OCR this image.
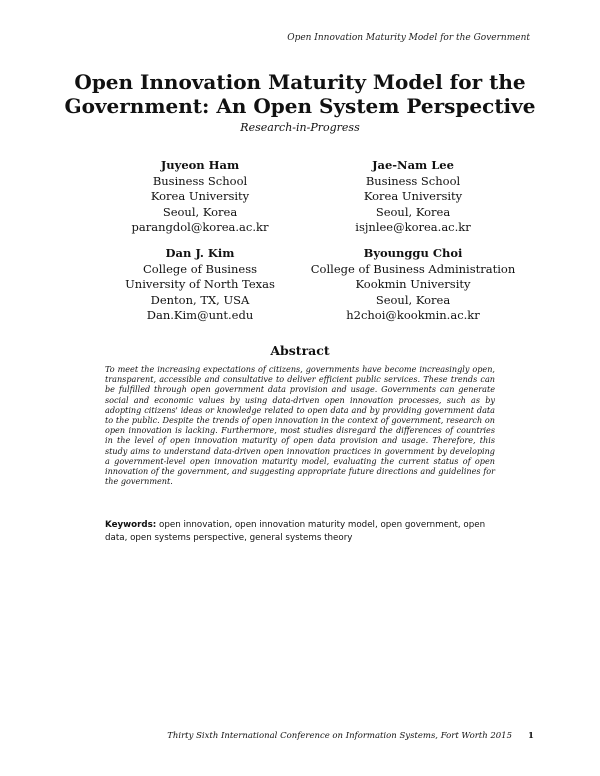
Open Innovation Maturity Model for the Government
Open Innovation Maturity Model for the Government: An Open System Perspective
Research-in-Progress
Juyeon Ham
Business School
Korea University
Seoul, Korea
parangdol@korea.ac.kr
Jae-Nam Lee
Business School
Korea University
Seoul, Korea
isjnlee@korea.ac.kr
Dan J. Kim
College of Business
University of North Texas
Denton, TX, USA
Dan.Kim@unt.edu
Byounggu Choi
College of Business Administration
Kookmin University
Seoul, Korea
h2choi@kookmin.ac.kr
Abstract
To meet the increasing expectations of citizens, governments have become increasingly open, transparent, accessible and consultative to deliver efficient public services. These trends can be fulfilled through open government data provision and usage. Governments can generate social and economic values by using data-driven open innovation processes, such as by adopting citizens' ideas or knowledge related to open data and by providing government data to the public. Despite the trends of open innovation in the context of government, research on open innovation is lacking. Furthermore, most studies disregard the differences of countries in the level of open innovation maturity of open data provision and usage. Therefore, this study aims to understand data-driven open innovation practices in government by developing a government-level open innovation maturity model, evaluating the current status of open innovation of the government, and suggesting appropriate future directions and guidelines for the government.
Keywords: open innovation, open innovation maturity model, open government, open data, open systems perspective, general systems theory
Thirty Sixth International Conference on Information Systems, Fort Worth 2015 1
